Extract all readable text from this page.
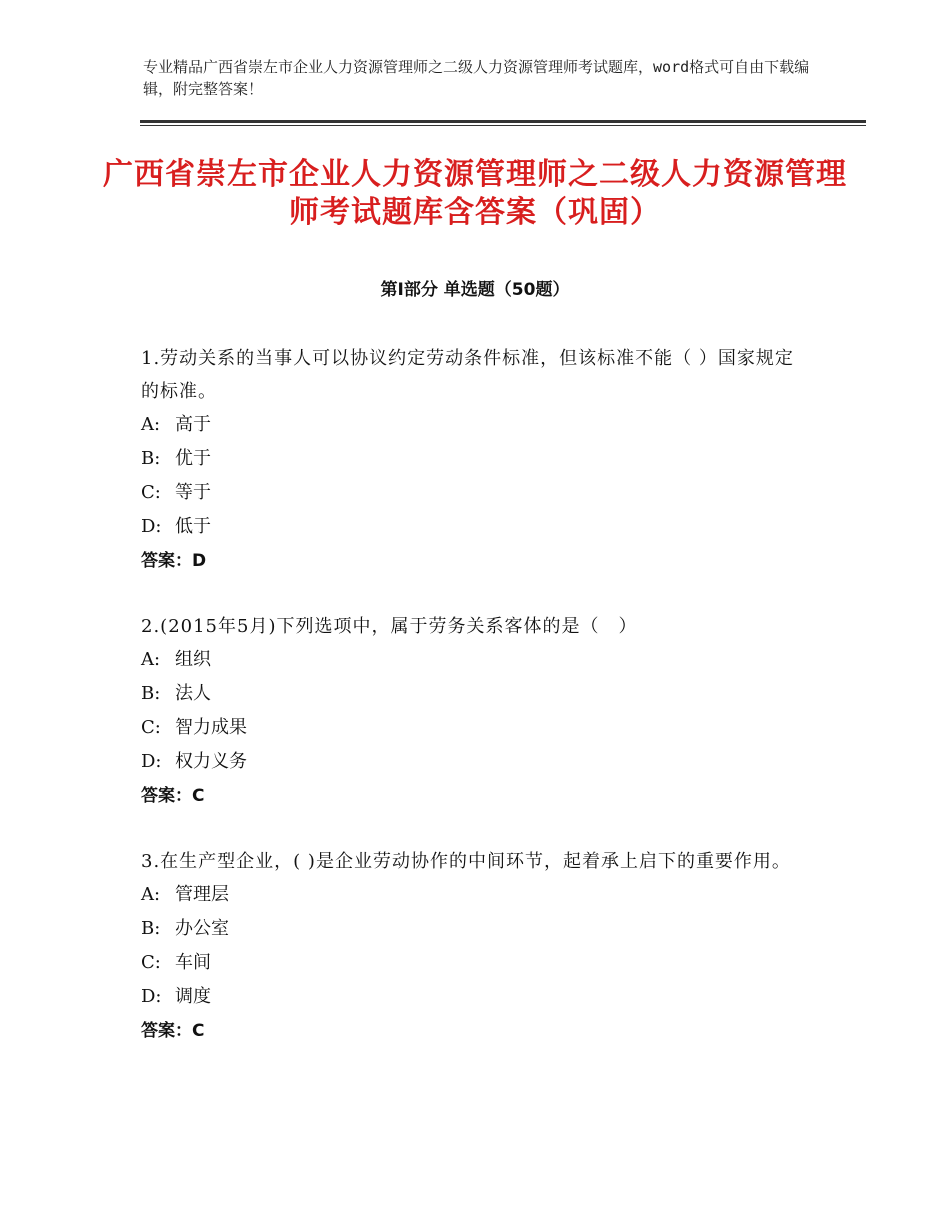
专业精品广西省崇左市企业人力资源管理师之二级人力资源管理师考试题库，word格式可自由下载编辑，附完整答案！
广西省崇左市企业人力资源管理师之二级人力资源管理师考试题库含答案（巩固）
第Ⅰ部分 单选题（50题）
1.劳动关系的当事人可以协议约定劳动条件标准，但该标准不能（ ）国家规定的标准。
A: 高于
B: 优于
C: 等于
D: 低于
答案：D
2.(2015年5月)下列选项中，属于劳务关系客体的是（　）
A: 组织
B: 法人
C: 智力成果
D: 权力义务
答案：C
3.在生产型企业，( )是企业劳动协作的中间环节，起着承上启下的重要作用。
A: 管理层
B: 办公室
C: 车间
D: 调度
答案：C
